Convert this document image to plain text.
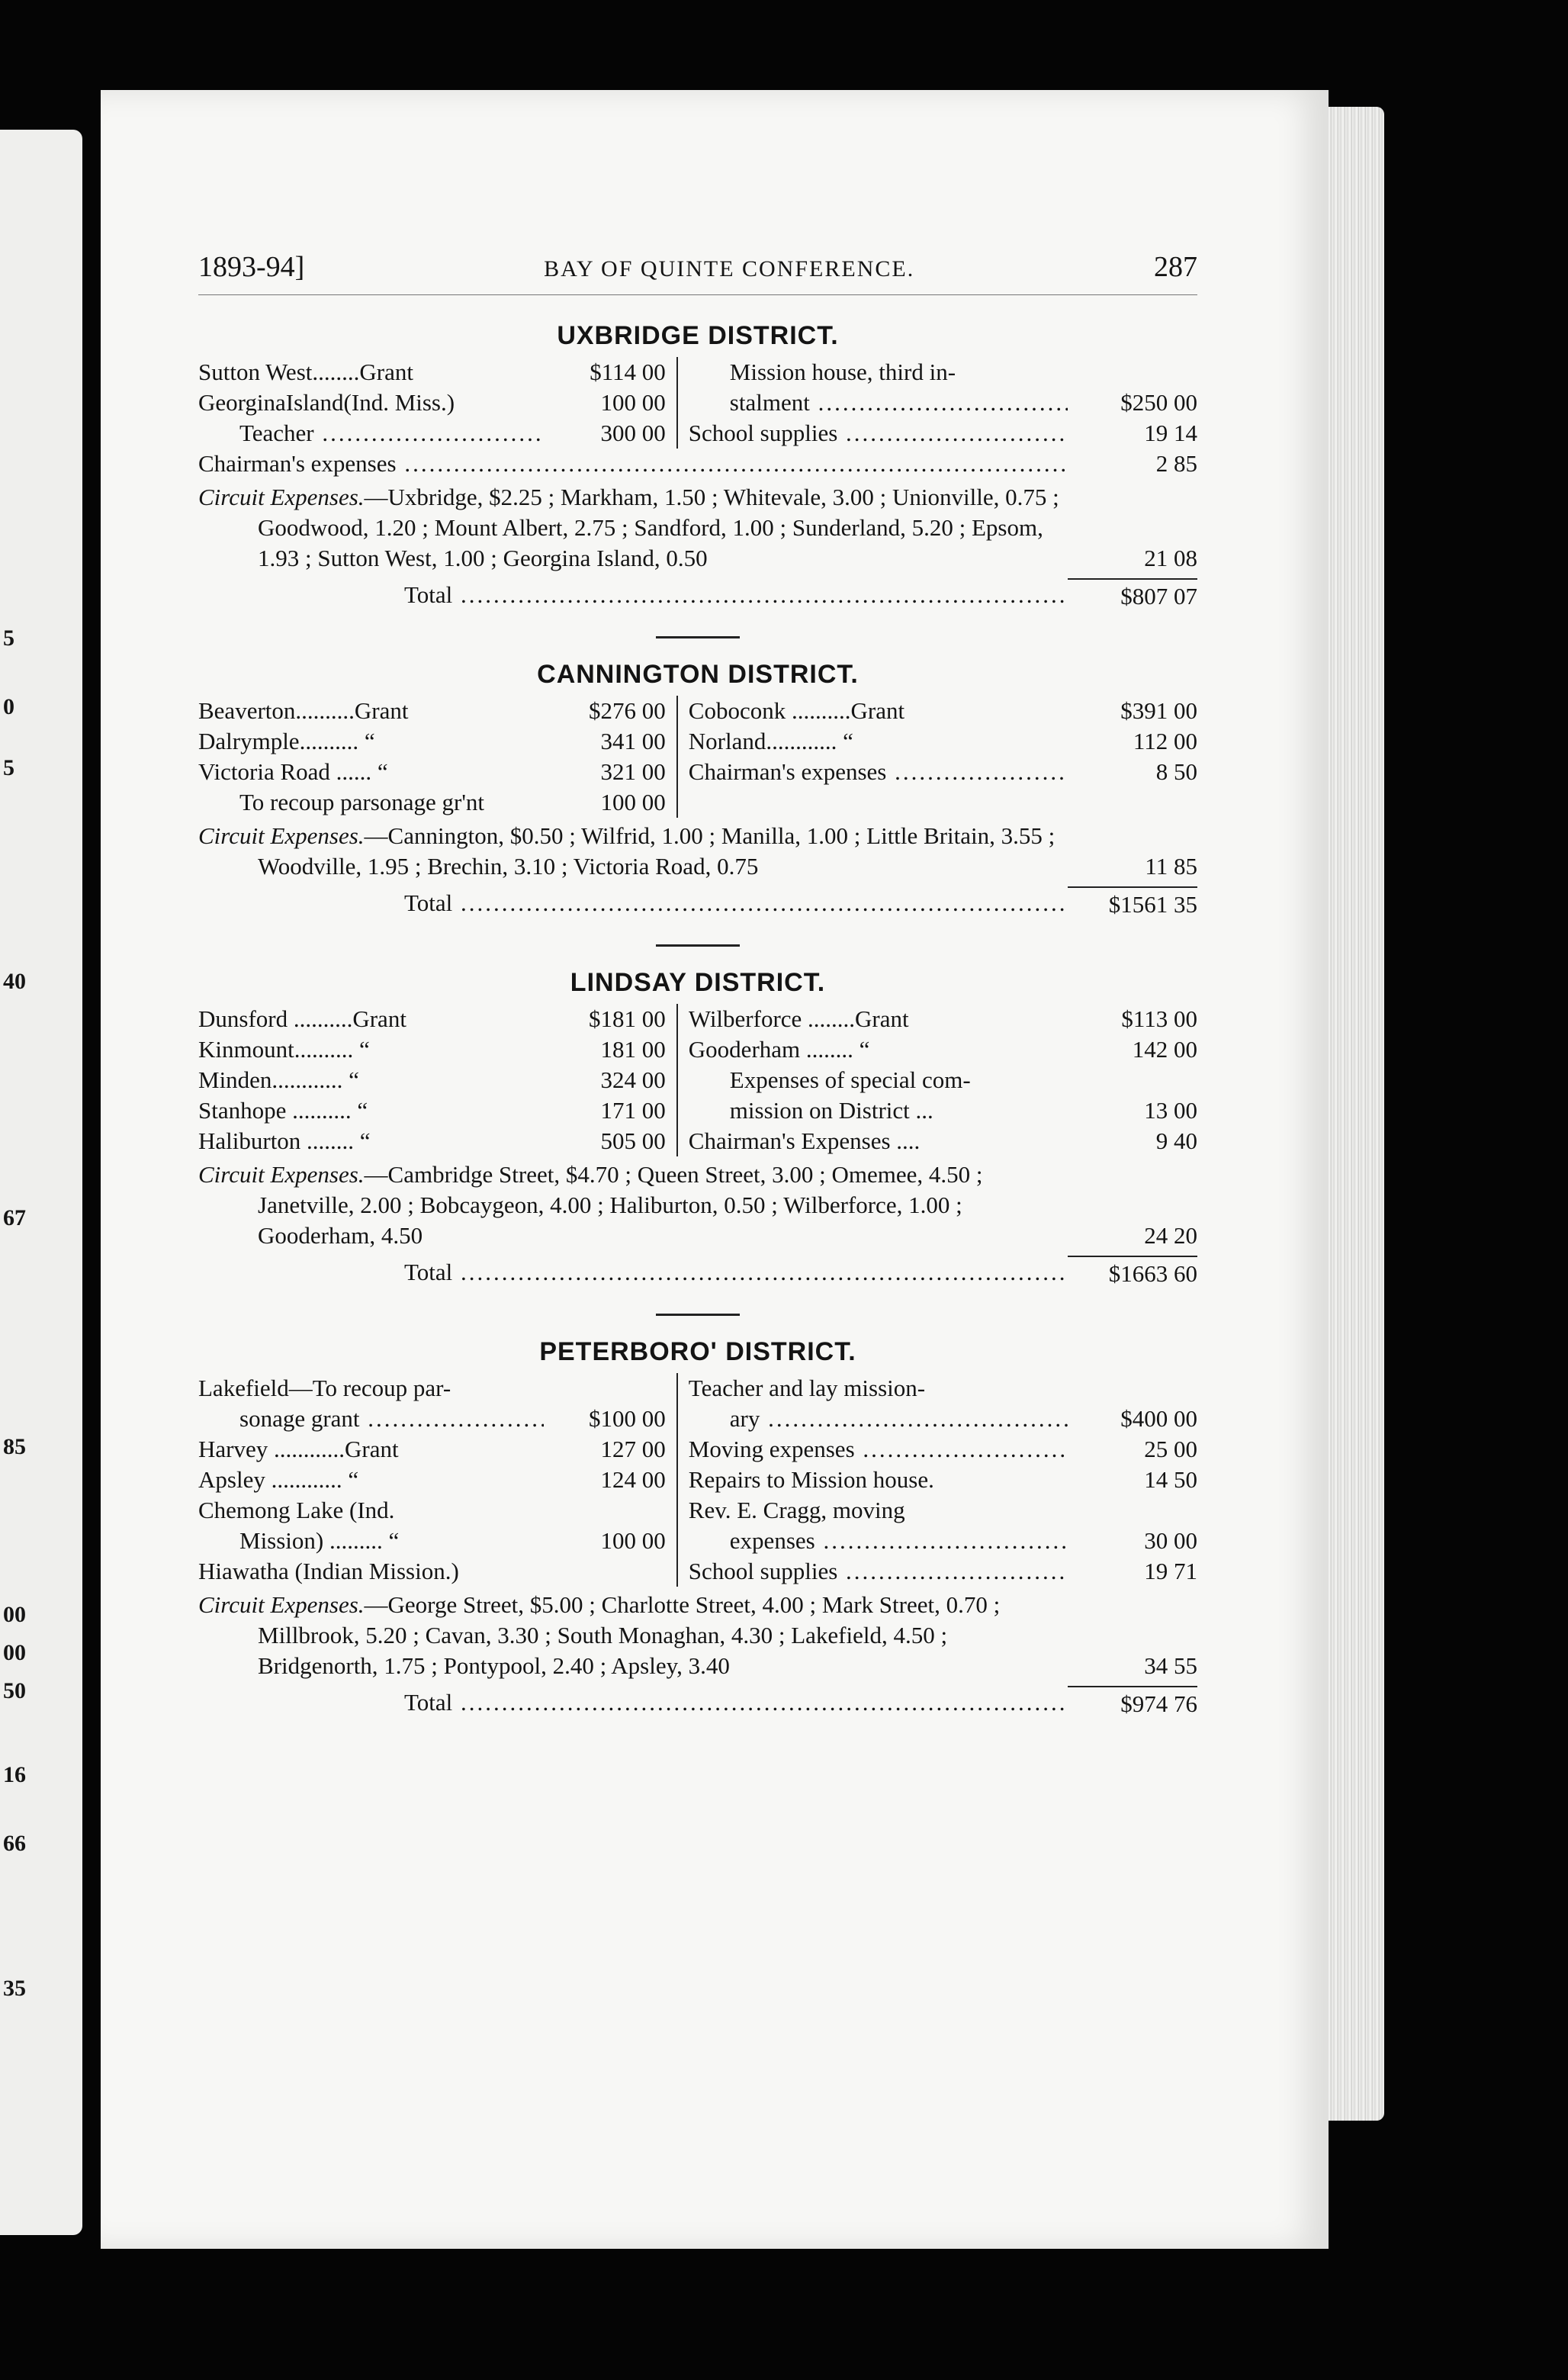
5
0
5
40
67
85
00
00
50
16
66
35
1893-94]	BAY OF QUINTE CONFERENCE.	287
UXBRIDGE DISTRICT.
Sutton West........Grant	$114 00
GeorginaIsland(Ind. Miss.)	100 00
Teacher .....	300 00
Mission house, third in-
stalment .....	$250 00
School supplies .....	19 14
Chairman's expenses .....	2 85
Circuit Expenses.—Uxbridge, $2.25 ; Markham, 1.50 ; Whitevale, 3.00 ; Unionville, 0.75 ; Goodwood, 1.20 ; Mount Albert, 2.75 ; Sandford, 1.00 ; Sunderland, 5.20 ; Epsom, 1.93 ; Sutton West, 1.00 ; Georgina Island, 0.50	21 08
Total .....	$807 07
CANNINGTON DISTRICT.
Beaverton..........Grant	$276 00
Dalrymple.......... “	341 00
Victoria Road ...... “	321 00
To recoup parsonage gr'nt	100 00
Coboconk ..........Grant	$391 00
Norland............ “	112 00
Chairman's expenses .....	8 50
Circuit Expenses.—Cannington, $0.50 ; Wilfrid, 1.00 ; Manilla, 1.00 ; Little Britain, 3.55 ; Woodville, 1.95 ; Brechin, 3.10 ; Victoria Road, 0.75	11 85
Total .....	$1561 35
LINDSAY DISTRICT.
Dunsford ..........Grant	$181 00
Kinmount.......... “	181 00
Minden............ “	324 00
Stanhope .......... “	171 00
Haliburton ........ “	505 00
Wilberforce ........Grant	$113 00
Gooderham ........ “	142 00
Expenses of special com-
mission on District ...	13 00
Chairman's Expenses ....	9 40
Circuit Expenses.—Cambridge Street, $4.70 ; Queen Street, 3.00 ; Omemee, 4.50 ; Janetville, 2.00 ; Bobcaygeon, 4.00 ; Haliburton, 0.50 ; Wilberforce, 1.00 ; Gooderham, 4.50	24 20
Total .....	$1663 60
PETERBORO' DISTRICT.
Lakefield—To recoup par-
sonage grant .....	$100 00
Harvey ............Grant	127 00
Apsley ............ “	124 00
Chemong Lake (Ind.
Mission) ......... “	100 00
Hiawatha (Indian Mission.)
Teacher and lay mission-
ary .....	$400 00
Moving expenses .....	25 00
Repairs to Mission house.	14 50
Rev. E. Cragg, moving
expenses .....	30 00
School supplies .....	19 71
Circuit Expenses.—George Street, $5.00 ; Charlotte Street, 4.00 ; Mark Street, 0.70 ; Millbrook, 5.20 ; Cavan, 3.30 ; South Monaghan, 4.30 ; Lakefield, 4.50 ; Bridgenorth, 1.75 ; Pontypool, 2.40 ; Apsley, 3.40	34 55
Total .....	$974 76
